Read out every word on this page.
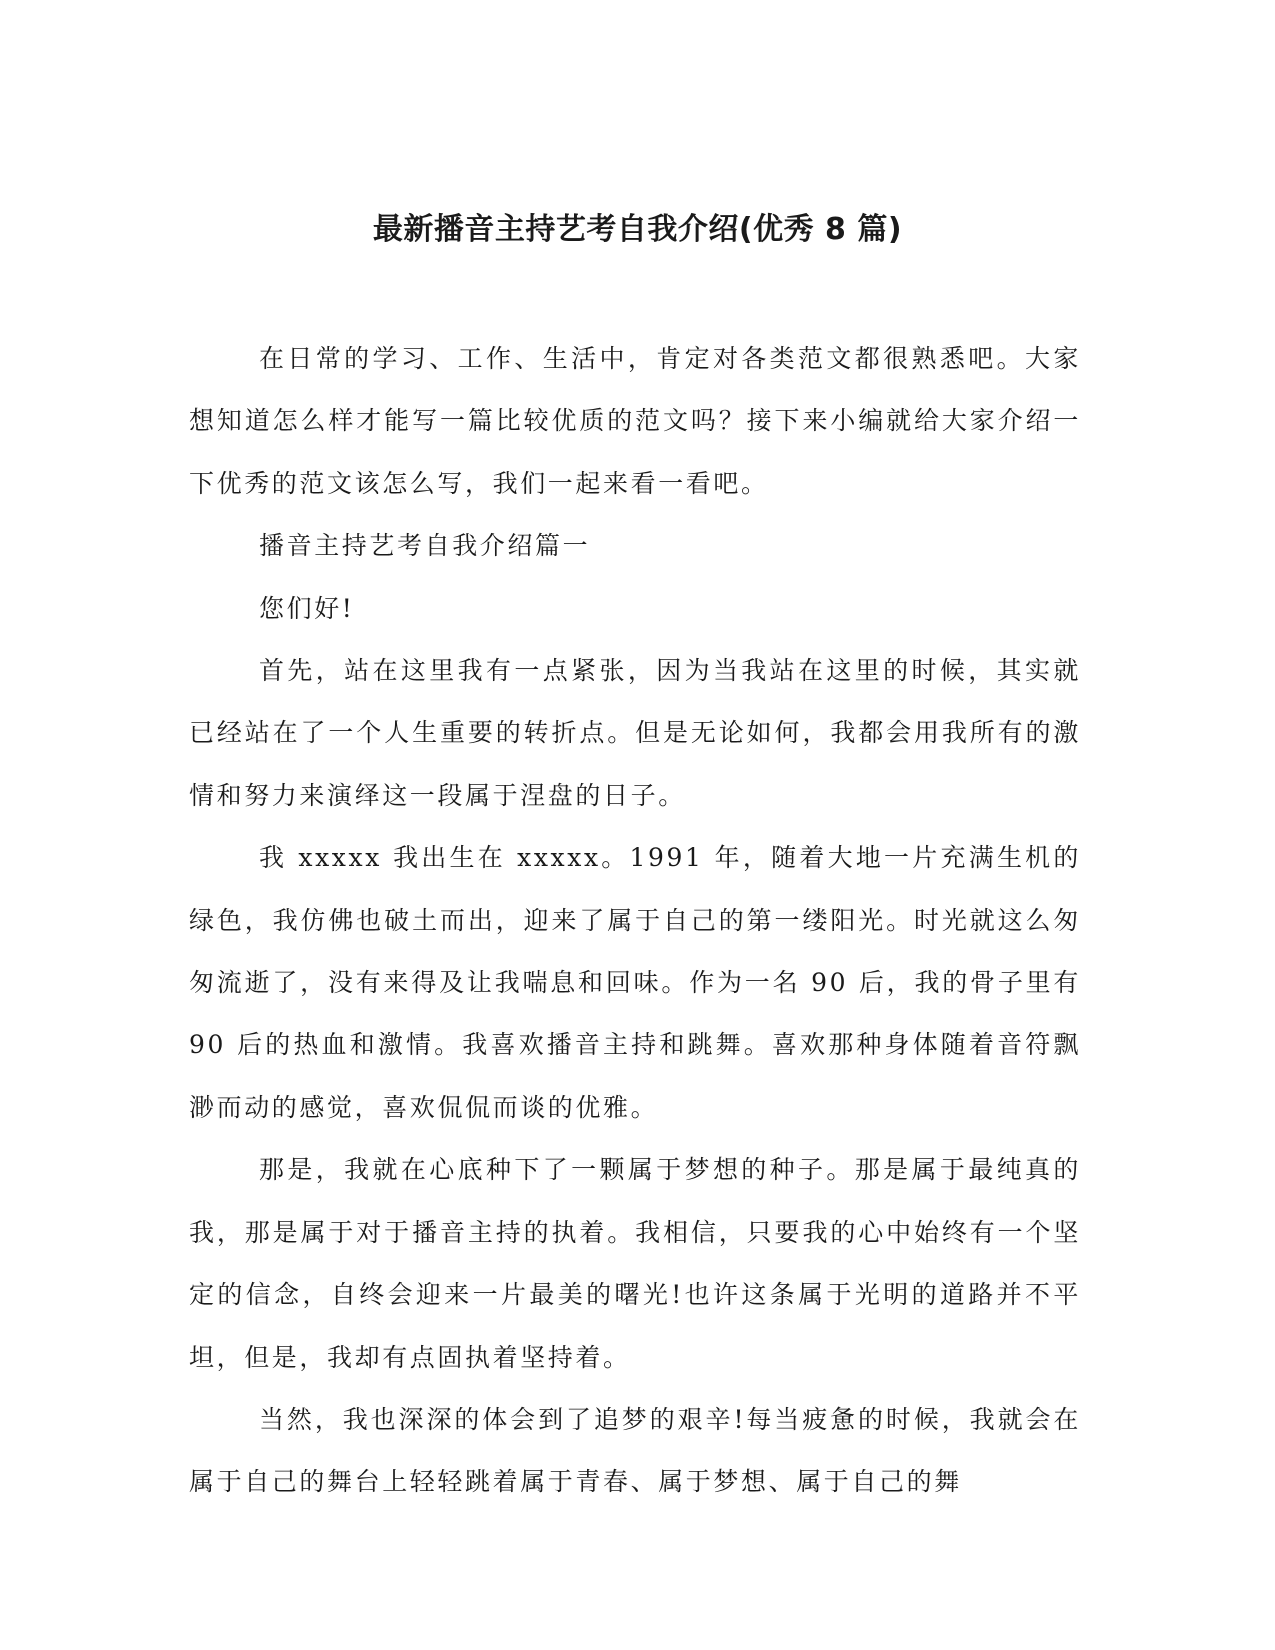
最新播音主持艺考自我介绍(优秀 8 篇)

在日常的学习、工作、生活中，肯定对各类范文都很熟悉吧。大家想知道怎么样才能写一篇比较优质的范文吗？接下来小编就给大家介绍一下优秀的范文该怎么写，我们一起来看一看吧。

播音主持艺考自我介绍篇一

您们好!

首先，站在这里我有一点紧张，因为当我站在这里的时候，其实就已经站在了一个人生重要的转折点。但是无论如何，我都会用我所有的激情和努力来演绎这一段属于涅盘的日子。

我 xxxxx 我出生在 xxxxx。1991 年，随着大地一片充满生机的绿色，我仿佛也破土而出，迎来了属于自己的第一缕阳光。时光就这么匆匆流逝了，没有来得及让我喘息和回味。作为一名 90 后，我的骨子里有 90 后的热血和激情。我喜欢播音主持和跳舞。喜欢那种身体随着音符飘渺而动的感觉，喜欢侃侃而谈的优雅。

那是，我就在心底种下了一颗属于梦想的种子。那是属于最纯真的我，那是属于对于播音主持的执着。我相信，只要我的心中始终有一个坚定的信念，自终会迎来一片最美的曙光!也许这条属于光明的道路并不平坦，但是，我却有点固执着坚持着。

当然，我也深深的体会到了追梦的艰辛!每当疲惫的时候，我就会在属于自己的舞台上轻轻跳着属于青春、属于梦想、属于自己的舞
